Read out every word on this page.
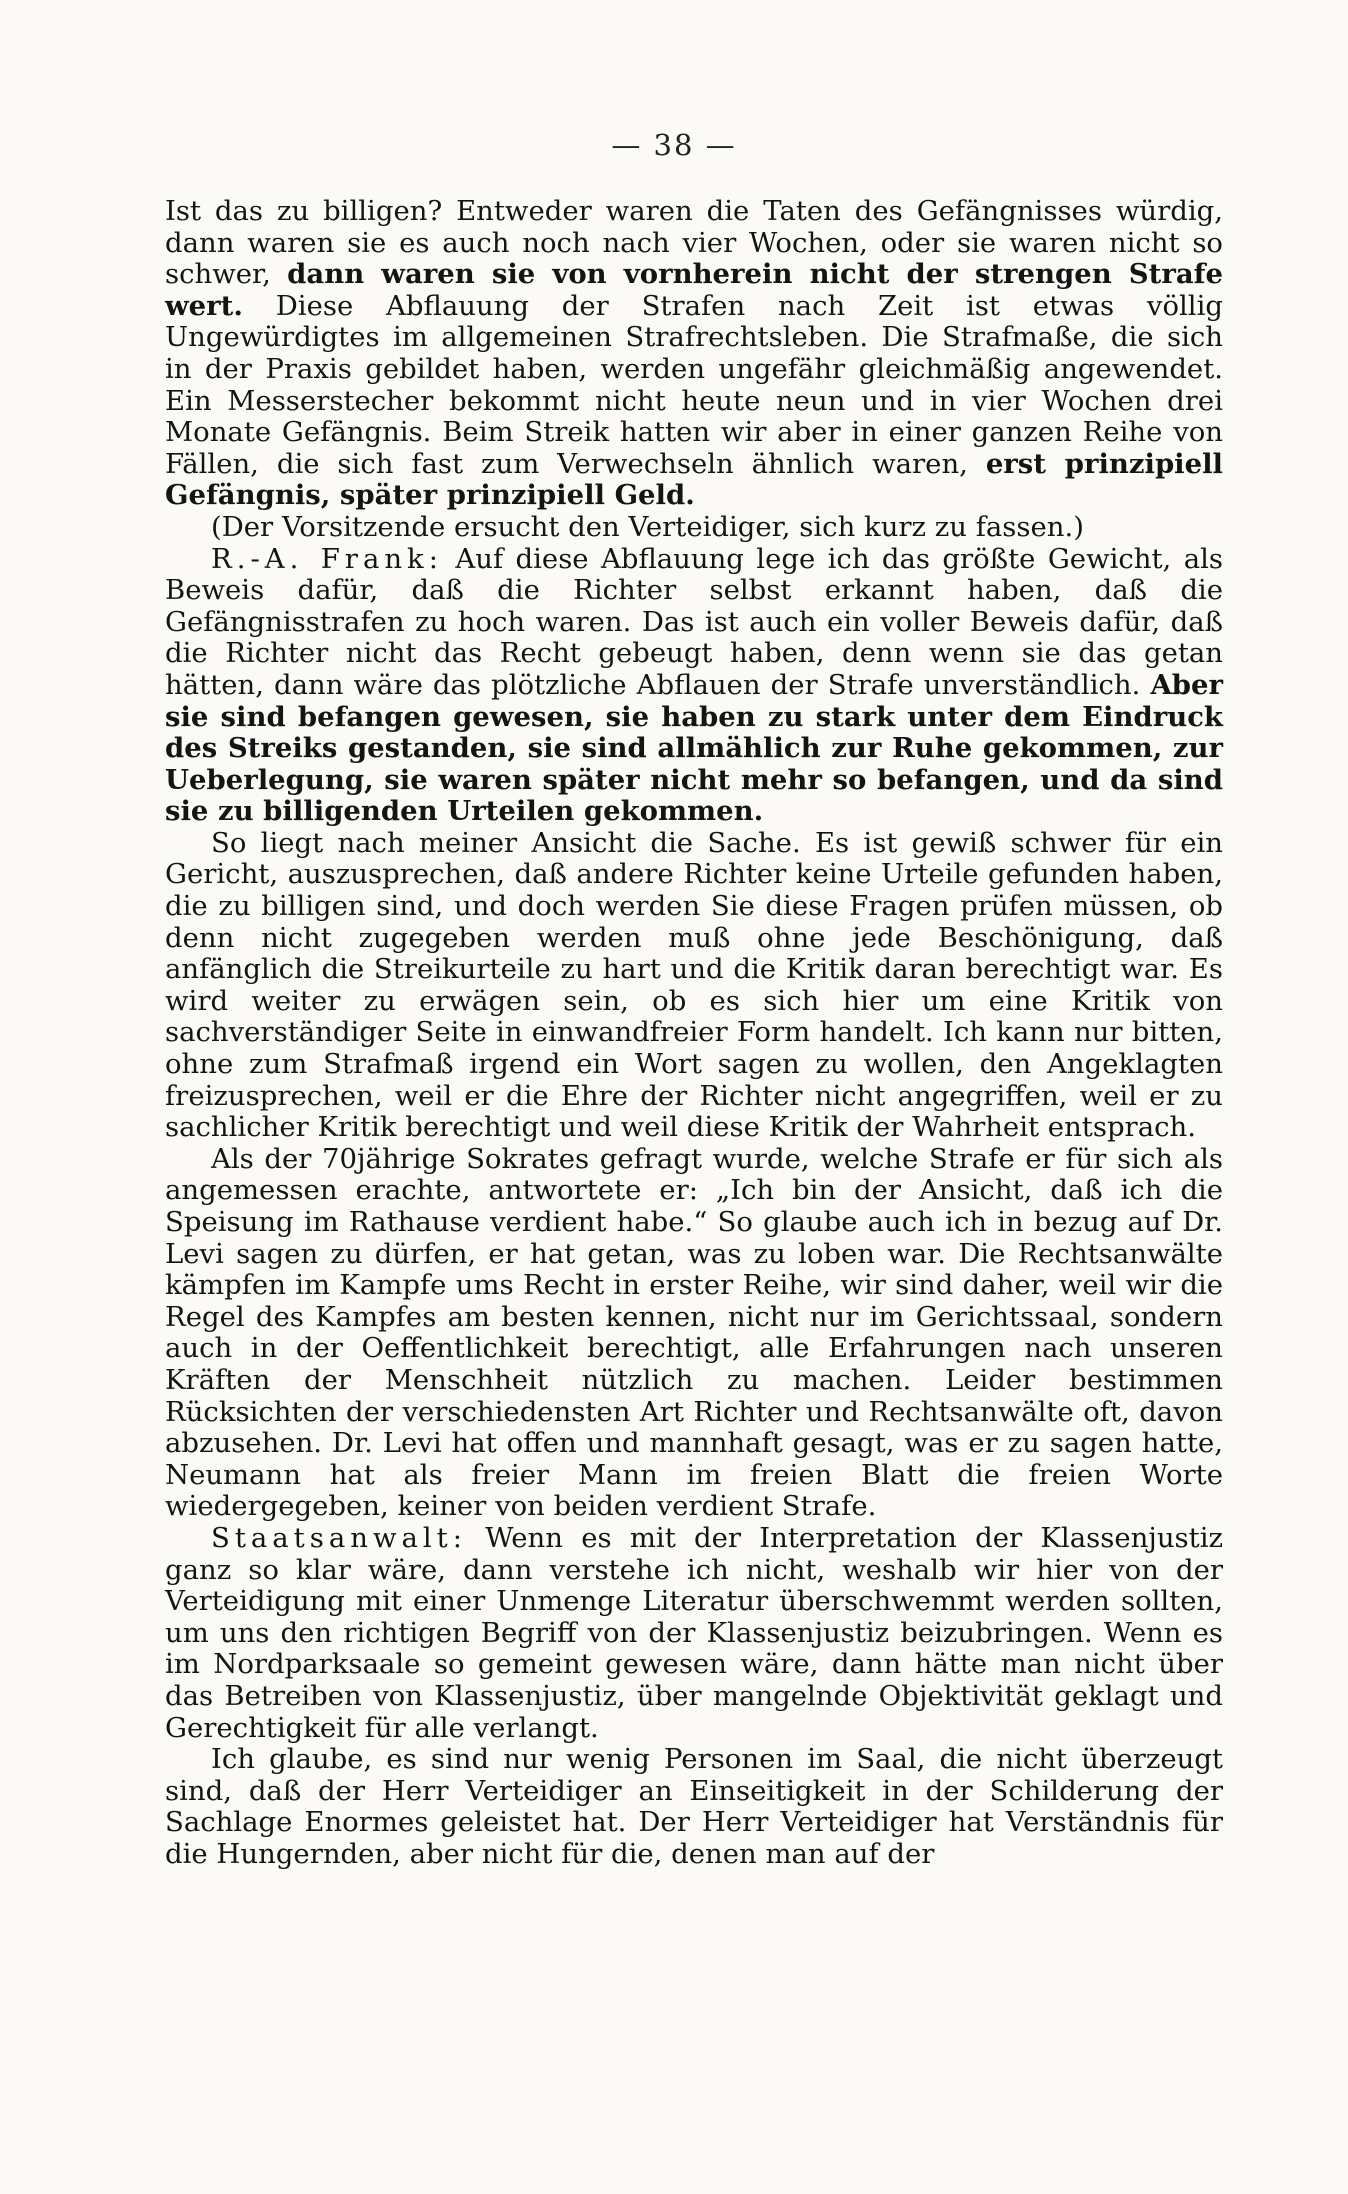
— 38 —

Ist das zu billigen? Entweder waren die Taten des Gefängnisses würdig, dann waren sie es auch noch nach vier Wochen, oder sie waren nicht so schwer, dann waren sie von vornherein nicht der strengen Strafe wert. Diese Abflauung der Strafen nach Zeit ist etwas völlig Ungewürdigtes im allgemeinen Strafrechtsleben. Die Strafmaße, die sich in der Praxis gebildet haben, werden ungefähr gleichmäßig angewendet. Ein Messerstecher bekommt nicht heute neun und in vier Wochen drei Monate Gefängnis. Beim Streik hatten wir aber in einer ganzen Reihe von Fällen, die sich fast zum Verwechseln ähnlich waren, erst prinzipiell Gefängnis, später prinzipiell Geld.

(Der Vorsitzende ersucht den Verteidiger, sich kurz zu fassen.)

R.-A. Frank: Auf diese Abflauung lege ich das größte Gewicht, als Beweis dafür, daß die Richter selbst erkannt haben, daß die Gefängnisstrafen zu hoch waren. Das ist auch ein voller Beweis dafür, daß die Richter nicht das Recht gebeugt haben, denn wenn sie das getan hätten, dann wäre das plötzliche Abflauen der Strafe unverständlich. Aber sie sind befangen gewesen, sie haben zu stark unter dem Eindruck des Streiks gestanden, sie sind allmählich zur Ruhe gekommen, zur Ueberlegung, sie waren später nicht mehr so befangen, und da sind sie zu billigenden Urteilen gekommen.

So liegt nach meiner Ansicht die Sache. Es ist gewiß schwer für ein Gericht, auszusprechen, daß andere Richter keine Urteile gefunden haben, die zu billigen sind, und doch werden Sie diese Fragen prüfen müssen, ob denn nicht zugegeben werden muß ohne jede Beschönigung, daß anfänglich die Streikurteile zu hart und die Kritik daran berechtigt war. Es wird weiter zu erwägen sein, ob es sich hier um eine Kritik von sachverständiger Seite in einwandfreier Form handelt. Ich kann nur bitten, ohne zum Strafmaß irgend ein Wort sagen zu wollen, den Angeklagten freizusprechen, weil er die Ehre der Richter nicht angegriffen, weil er zu sachlicher Kritik berechtigt und weil diese Kritik der Wahrheit entsprach.

Als der 70jährige Sokrates gefragt wurde, welche Strafe er für sich als angemessen erachte, antwortete er: „Ich bin der Ansicht, daß ich die Speisung im Rathause verdient habe.“ So glaube auch ich in bezug auf Dr. Levi sagen zu dürfen, er hat getan, was zu loben war. Die Rechtsanwälte kämpfen im Kampfe ums Recht in erster Reihe, wir sind daher, weil wir die Regel des Kampfes am besten kennen, nicht nur im Gerichtssaal, sondern auch in der Oeffentlichkeit berechtigt, alle Erfahrungen nach unseren Kräften der Menschheit nützlich zu machen. Leider bestimmen Rücksichten der verschiedensten Art Richter und Rechtsanwälte oft, davon abzusehen. Dr. Levi hat offen und mannhaft gesagt, was er zu sagen hatte, Neumann hat als freier Mann im freien Blatt die freien Worte wiedergegeben, keiner von beiden verdient Strafe.

Staatsanwalt: Wenn es mit der Interpretation der Klassenjustiz ganz so klar wäre, dann verstehe ich nicht, weshalb wir hier von der Verteidigung mit einer Unmenge Literatur überschwemmt werden sollten, um uns den richtigen Begriff von der Klassenjustiz beizubringen. Wenn es im Nordparksaale so gemeint gewesen wäre, dann hätte man nicht über das Betreiben von Klassenjustiz, über mangelnde Objektivität geklagt und Gerechtigkeit für alle verlangt.

Ich glaube, es sind nur wenig Personen im Saal, die nicht überzeugt sind, daß der Herr Verteidiger an Einseitigkeit in der Schilderung der Sachlage Enormes geleistet hat. Der Herr Verteidiger hat Verständnis für die Hungernden, aber nicht für die, denen man auf der
